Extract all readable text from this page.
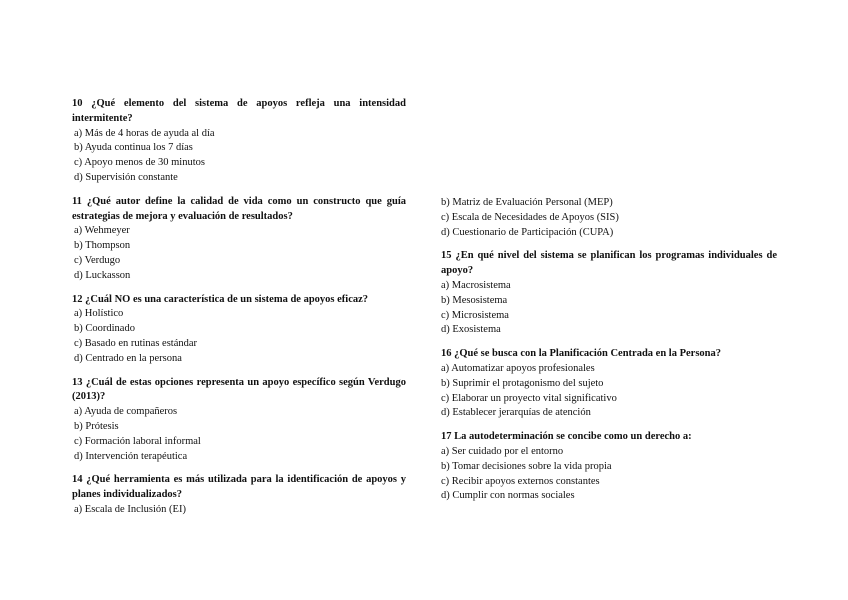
10 ¿Qué elemento del sistema de apoyos refleja una intensidad intermitente?
a) Más de 4 horas de ayuda al día
b) Ayuda continua los 7 días
c) Apoyo menos de 30 minutos
d) Supervisión constante
11 ¿Qué autor define la calidad de vida como un constructo que guía estrategias de mejora y evaluación de resultados?
a) Wehmeyer
b) Thompson
c) Verdugo
d) Luckasson
12 ¿Cuál NO es una característica de un sistema de apoyos eficaz?
a) Holístico
b) Coordinado
c) Basado en rutinas estándar
d) Centrado en la persona
13 ¿Cuál de estas opciones representa un apoyo específico según Verdugo (2013)?
a) Ayuda de compañeros
b) Prótesis
c) Formación laboral informal
d) Intervención terapéutica
14 ¿Qué herramienta es más utilizada para la identificación de apoyos y planes individualizados?
a) Escala de Inclusión (EI)
b) Matriz de Evaluación Personal (MEP)
c) Escala de Necesidades de Apoyos (SIS)
d) Cuestionario de Participación (CUPA)
15 ¿En qué nivel del sistema se planifican los programas individuales de apoyo?
a) Macrosistema
b) Mesosistema
c) Microsistema
d) Exosistema
16 ¿Qué se busca con la Planificación Centrada en la Persona?
a) Automatizar apoyos profesionales
b) Suprimir el protagonismo del sujeto
c) Elaborar un proyecto vital significativo
d) Establecer jerarquías de atención
17 La autodeterminación se concibe como un derecho a:
a) Ser cuidado por el entorno
b) Tomar decisiones sobre la vida propia
c) Recibir apoyos externos constantes
d) Cumplir con normas sociales
